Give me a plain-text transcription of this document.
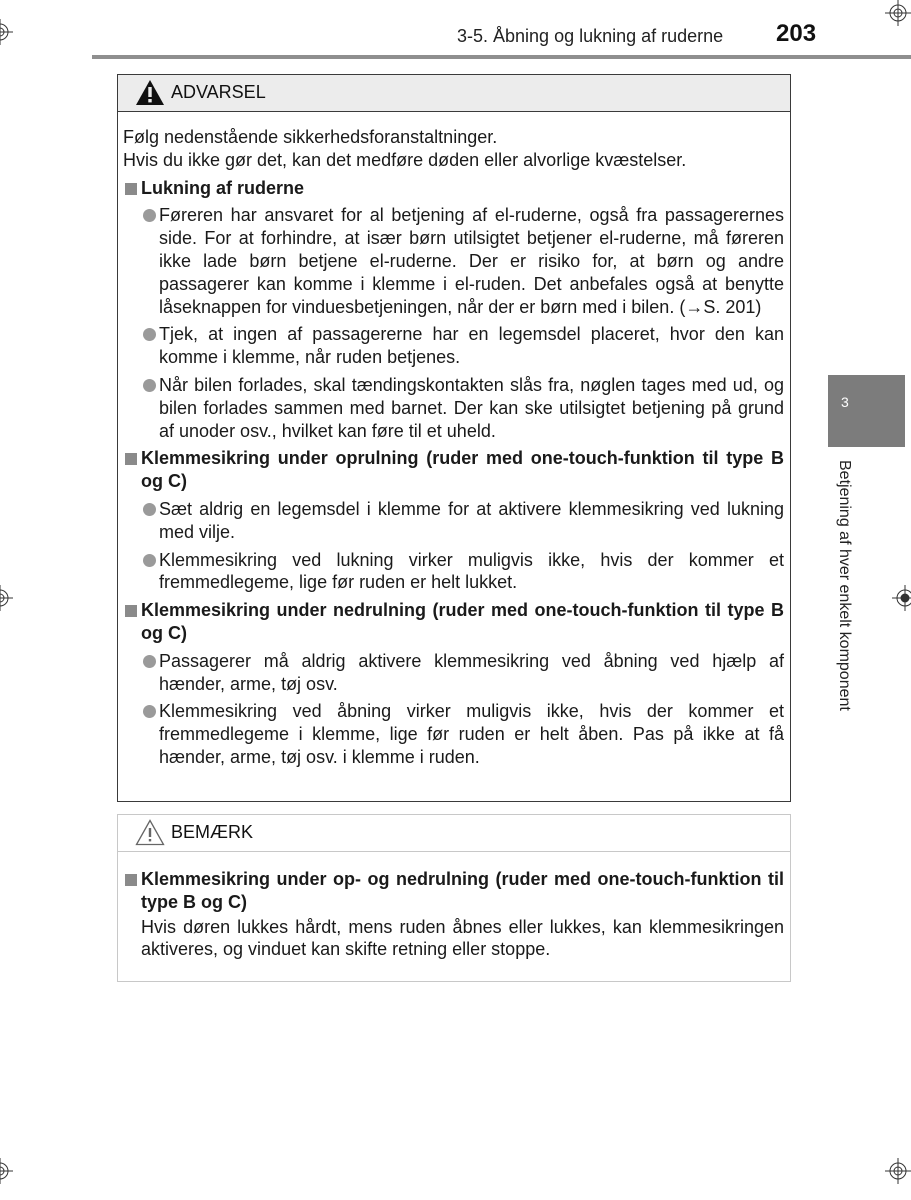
3-5. Åbning og lukning af ruderne 203
3
Betjening af hver enkelt komponent
ADVARSEL

Følg nedenstående sikkerhedsforanstaltninger.

Hvis du ikke gør det, kan det medføre døden eller alvorlige kvæstelser.

Lukning af ruderne
Føreren har ansvaret for al betjening af el-ruderne, også fra passagerernes side. For at forhindre, at især børn utilsigtet betjener el-ruderne, må føreren ikke lade børn betjene el-ruderne. Der er risiko for, at børn og andre passagerer kan komme i klemme i el-ruden. Det anbefales også at benytte låseknappen for vinduesbetjeningen, når der er børn med i bilen. (→S. 201)
Tjek, at ingen af passagererne har en legemsdel placeret, hvor den kan komme i klemme, når ruden betjenes.
Når bilen forlades, skal tændingskontakten slås fra, nøglen tages med ud, og bilen forlades sammen med barnet. Der kan ske utilsigtet betjening på grund af unoder osv., hvilket kan føre til et uheld.
Klemmesikring under oprulning (ruder med one-touch-funktion til type B og C)
Sæt aldrig en legemsdel i klemme for at aktivere klemmesikring ved lukning med vilje.
Klemmesikring ved lukning virker muligvis ikke, hvis der kommer et fremmedlegeme, lige før ruden er helt lukket.
Klemmesikring under nedrulning (ruder med one-touch-funktion til type B og C)
Passagerer må aldrig aktivere klemmesikring ved åbning ved hjælp af hænder, arme, tøj osv.
Klemmesikring ved åbning virker muligvis ikke, hvis der kommer et fremmedlegeme i klemme, lige før ruden er helt åben. Pas på ikke at få hænder, arme, tøj osv. i klemme i ruden.
BEMÆRK
Klemmesikring under op- og nedrulning (ruder med one-touch-funktion til type B og C)
Hvis døren lukkes hårdt, mens ruden åbnes eller lukkes, kan klemmesikringen aktiveres, og vinduet kan skifte retning eller stoppe.
